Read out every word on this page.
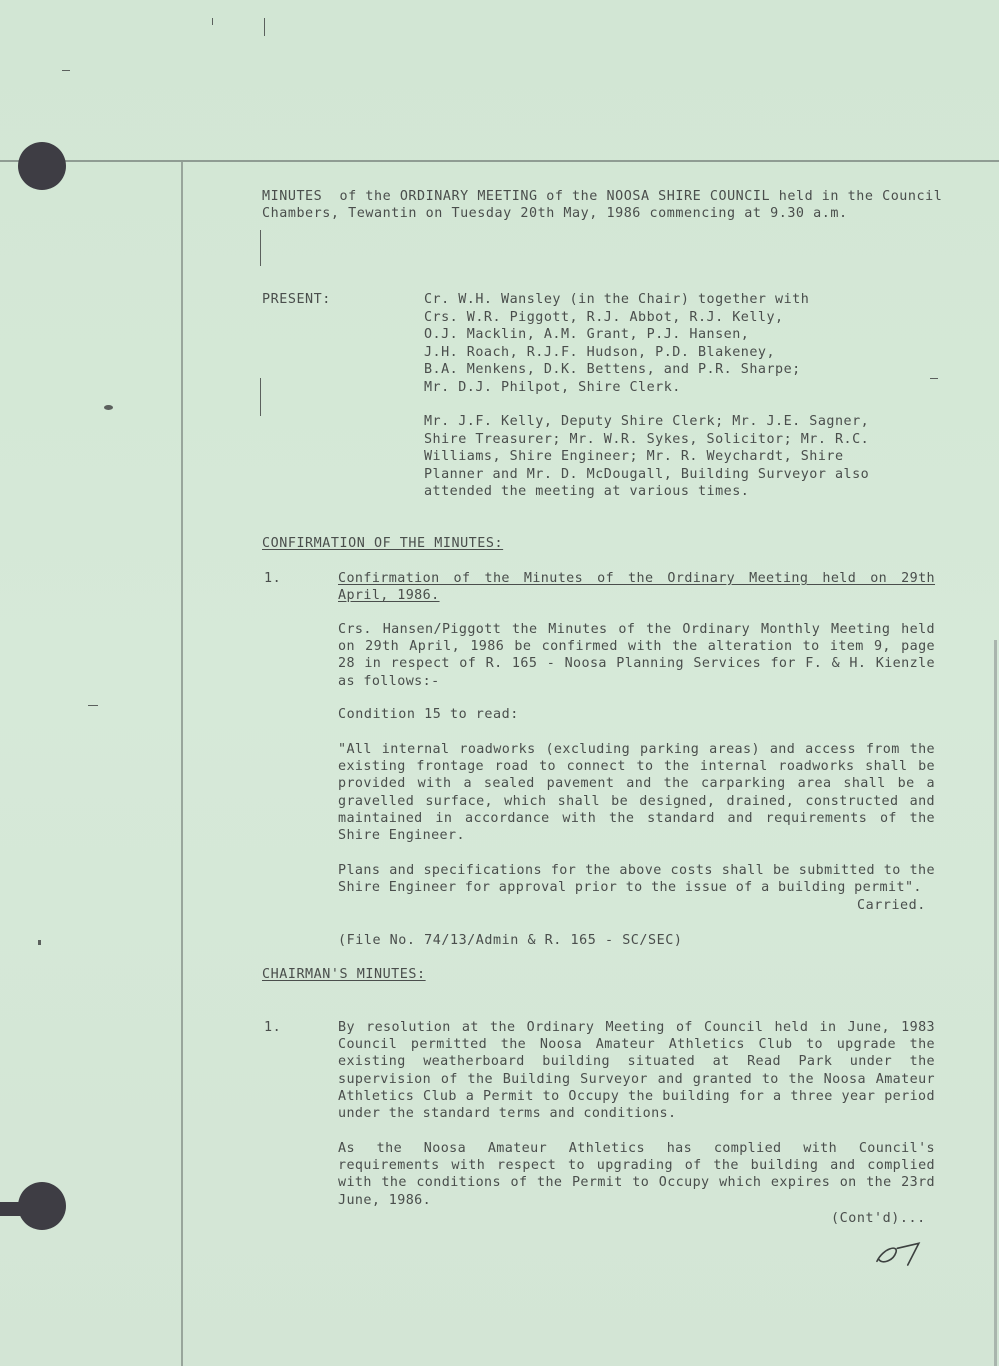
MINUTES of the ORDINARY MEETING of the NOOSA SHIRE COUNCIL held in the Council

Chambers, Tewantin on Tuesday 20th May, 1986 commencing at 9.30 a.m.

PRESENT:	Cr. W.H. Wansley (in the Chair) together with
Crs. W.R. Piggott, R.J. Abbot, R.J. Kelly,
O.J. Macklin, A.M. Grant, P.J. Hansen,
J.H. Roach, R.J.F. Hudson, P.D. Blakeney,
B.A. Menkens, D.K. Bettens, and P.R. Sharpe;
Mr. D.J. Philpot, Shire Clerk.
Mr. J.F. Kelly, Deputy Shire Clerk; Mr. J.E. Sagner,
Shire Treasurer; Mr. W.R. Sykes, Solicitor; Mr. R.C.
Williams, Shire Engineer; Mr. R. Weychardt, Shire
Planner and Mr. D. McDougall, Building Surveyor also
attended the meeting at various times.

CONFIRMATION OF THE MINUTES:

1.	Confirmation of the Minutes of the Ordinary Meeting held on 29th
April, 1986.
Crs. Hansen/Piggott the Minutes of the Ordinary Monthly Meeting held
on 29th April, 1986 be confirmed with the alteration to item 9, page
28 in respect of R. 165 - Noosa Planning Services for F. & H. Kienzle
as follows:-

Condition 15 to read:

"All internal roadworks (excluding parking areas) and access from the
existing frontage road to connect to the internal roadworks shall be
provided with a sealed pavement and the carparking area shall be a
gravelled surface, which shall be designed, drained, constructed and
maintained in accordance with the standard and requirements of the
Shire Engineer.
Plans and specifications for the above costs shall be submitted to the
Shire Engineer for approval prior to the issue of a building permit".

Carried.

(File No. 74/13/Admin & R. 165 - SC/SEC)

CHAIRMAN'S MINUTES:

1.	By resolution at the Ordinary Meeting of Council held in June, 1983
Council permitted the Noosa Amateur Athletics Club to upgrade the
existing weatherboard building situated at Read Park under the
supervision of the Building Surveyor and granted to the Noosa Amateur
Athletics Club a Permit to Occupy the building for a three year period
under the standard terms and conditions.
As the Noosa Amateur Athletics has complied with Council's
requirements with respect to upgrading of the building and complied
with the conditions of the Permit to Occupy which expires on the 23rd
June, 1986.

(Cont'd)...
